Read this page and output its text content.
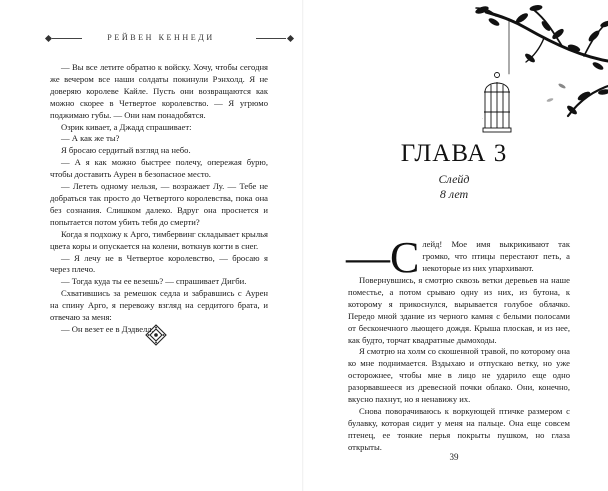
РЕЙВЕН КЕННЕДИ

— Вы все летите обратно к войску. Хочу, чтобы сегодня же вечером все наши солдаты покинули Рэнхолд. Я не доверяю королеве Кайле. Пусть они возвращаются как можно скорее в Четвертое королевство. — Я угрюмо поджимаю губы. — Они нам понадобятся.

Озрик кивает, а Джадд спрашивает:

— А как же ты?

Я бросаю сердитый взгляд на небо.

— А я как можно быстрее полечу, опережая бурю, чтобы доставить Аурен в безопасное место.

— Лететь одному нельзя, — возражает Лу. — Тебе не добраться так просто до Четвертого королевства, пока она без сознания. Слишком далеко. Вдруг она проснется и попытается потом убить тебя до смерти?

Когда я подхожу к Арго, тимбервинг складывает крылья цвета коры и опускается на колени, воткнув когти в снег.

— Я лечу не в Четвертое королевство, — бросаю я через плечо.

— Тогда куда ты ее везешь? — спрашивает Дигби.

Схватившись за ремешок седла и забравшись с Аурен на спину Арго, я перевожу взгляд на сердитого брата, и отвечаю за меня:

— Он везет ее в Дэдвелл.

ГЛАВА 3
Слейд
8 лет
—С лейд! Мое имя выкрикивают так громко, что птицы перестают петь, а некоторые из них упархивают.

Повернувшись, я смотрю сквозь ветки деревьев на наше поместье, а потом срываю одну из них, из бутона, к которому я прикоснулся, вырывается голубое облачко. Передо мной здание из черного камня с белыми полосами от бесконечного льющего дождя. Крыша плоская, и из нее, как будто, торчат квадратные дымоходы.

Я смотрю на холм со скошенной травой, по которому она ко мне поднимается. Вздыхаю и отпускаю ветку, но уже осторожнее, чтобы мне в лицо не ударило еще одно разорвавшееся из древесной почки облако. Они, конечно, вкусно пахнут, но я ненавижу их.

Снова поворачиваюсь к воркующей птичке размером с булавку, которая сидит у меня на пальце. Она еще совсем птенец, ее тонкие перья покрыты пушком, но глаза открыты.

39
